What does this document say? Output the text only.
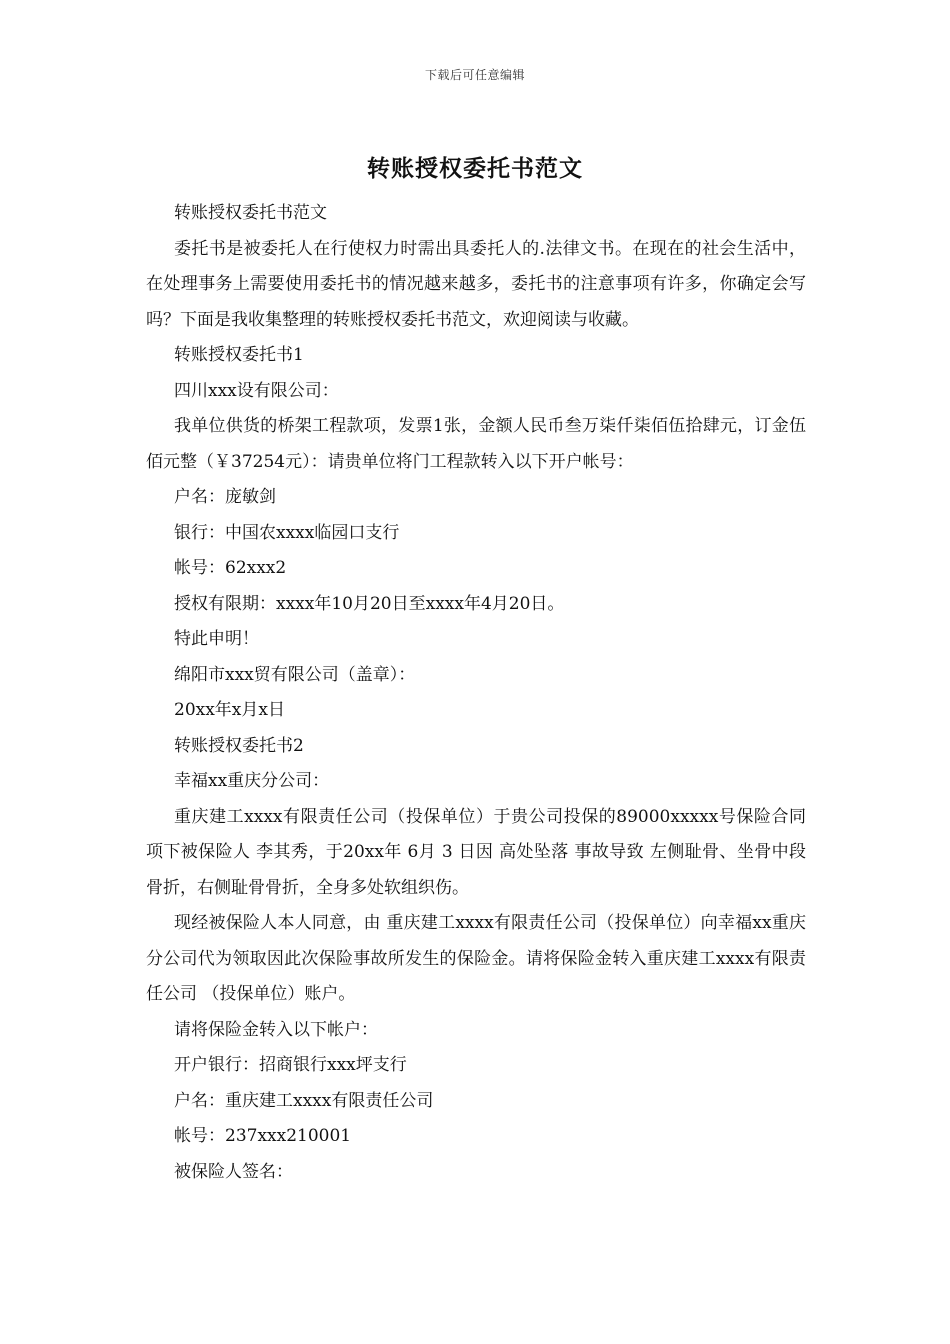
下载后可任意编辑
转账授权委托书范文

转账授权委托书范文

委托书是被委托人在行使权力时需出具委托人的.法律文书。在现在的社会生活中，在处理事务上需要使用委托书的情况越来越多，委托书的注意事项有许多，你确定会写吗？下面是我收集整理的转账授权委托书范文，欢迎阅读与收藏。

转账授权委托书1

四川xxx设有限公司：

我单位供货的桥架工程款项，发票1张，金额人民币叁万柒仟柒佰伍拾肆元，订金伍佰元整（￥37254元）：请贵单位将门工程款转入以下开户帐号：

户名：庞敏剑

银行：中国农xxxx临园口支行

帐号：62xxx2

授权有限期：xxxx年10月20日至xxxx年4月20日。

特此申明！

绵阳市xxx贸有限公司（盖章）：

20xx年x月x日

转账授权委托书2

幸福xx重庆分公司：

重庆建工xxxx有限责任公司（投保单位）于贵公司投保的89000xxxxx号保险合同项下被保险人 李其秀，于20xx年 6月 3 日因 高处坠落 事故导致 左侧耻骨、坐骨中段骨折，右侧耻骨骨折，全身多处软组织伤。

现经被保险人本人同意，由 重庆建工xxxx有限责任公司（投保单位）向幸福xx重庆分公司代为领取因此次保险事故所发生的保险金。请将保险金转入重庆建工xxxx有限责任公司 （投保单位）账户。

请将保险金转入以下帐户：

开户银行：招商银行xxx坪支行

户名：重庆建工xxxx有限责任公司

帐号：237xxx210001

被保险人签名：
